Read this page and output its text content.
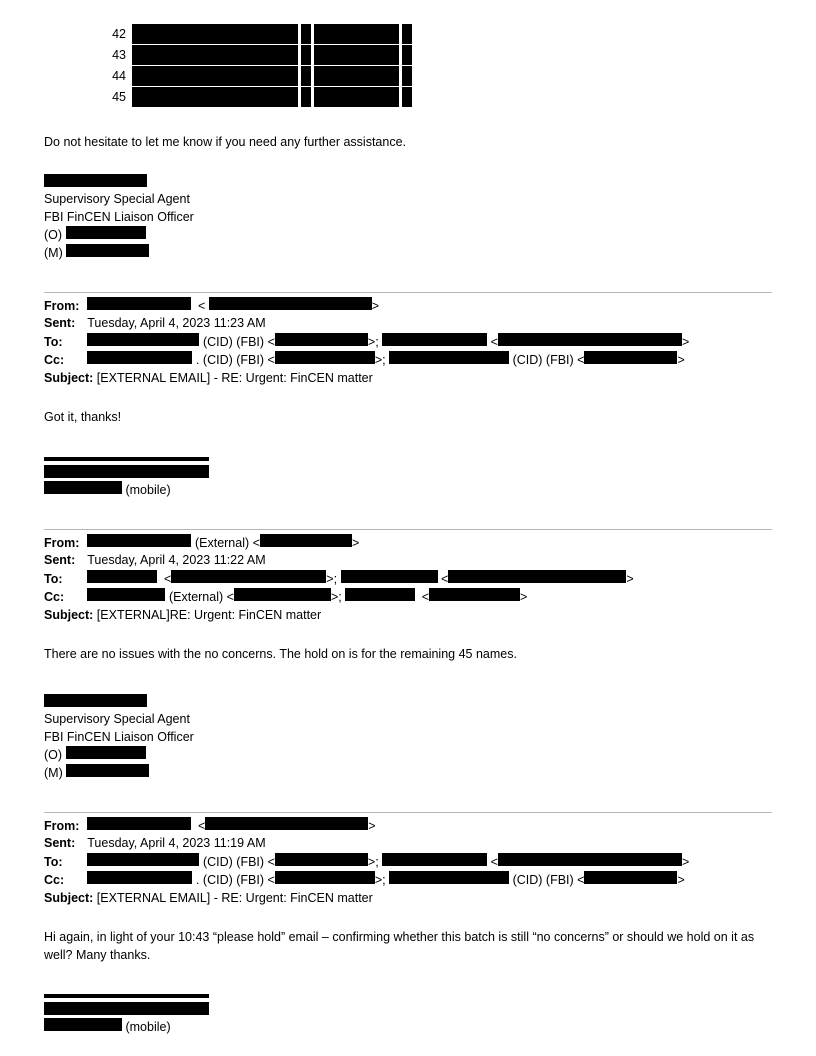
42
43
44
45

Do not hesitate to let me know if you need any further assistance.

Supervisory Special Agent
FBI FinCEN Liaison Officer
(O)
(M)
From:	<	>
Sent: Tuesday, April 4, 2023 11:23 AM
To:	(CID) (FBI) <	>;	<	>
Cc:	. (CID) (FBI) <	>;	(CID) (FBI) <	>
Subject: [EXTERNAL EMAIL] - RE: Urgent: FinCEN matter

Got it, thanks!

(mobile)
From:	(External) <	>
Sent: Tuesday, April 4, 2023 11:22 AM
To:	<	>;	<	>
Cc:	(External) <	>;	<	>
Subject: [EXTERNAL]RE: Urgent: FinCEN matter

There are no issues with the no concerns. The hold on is for the remaining 45 names.

Supervisory Special Agent
FBI FinCEN Liaison Officer
(O)
(M)
From:	<	>
Sent: Tuesday, April 4, 2023 11:19 AM
To:	(CID) (FBI) <	>;	<	>
Cc:	. (CID) (FBI) <	>;	(CID) (FBI) <	>
Subject: [EXTERNAL EMAIL] - RE: Urgent: FinCEN matter

Hi again, in light of your 10:43 “please hold” email – confirming whether this batch is still “no concerns” or should we hold on it as well? Many thanks.

(mobile)
